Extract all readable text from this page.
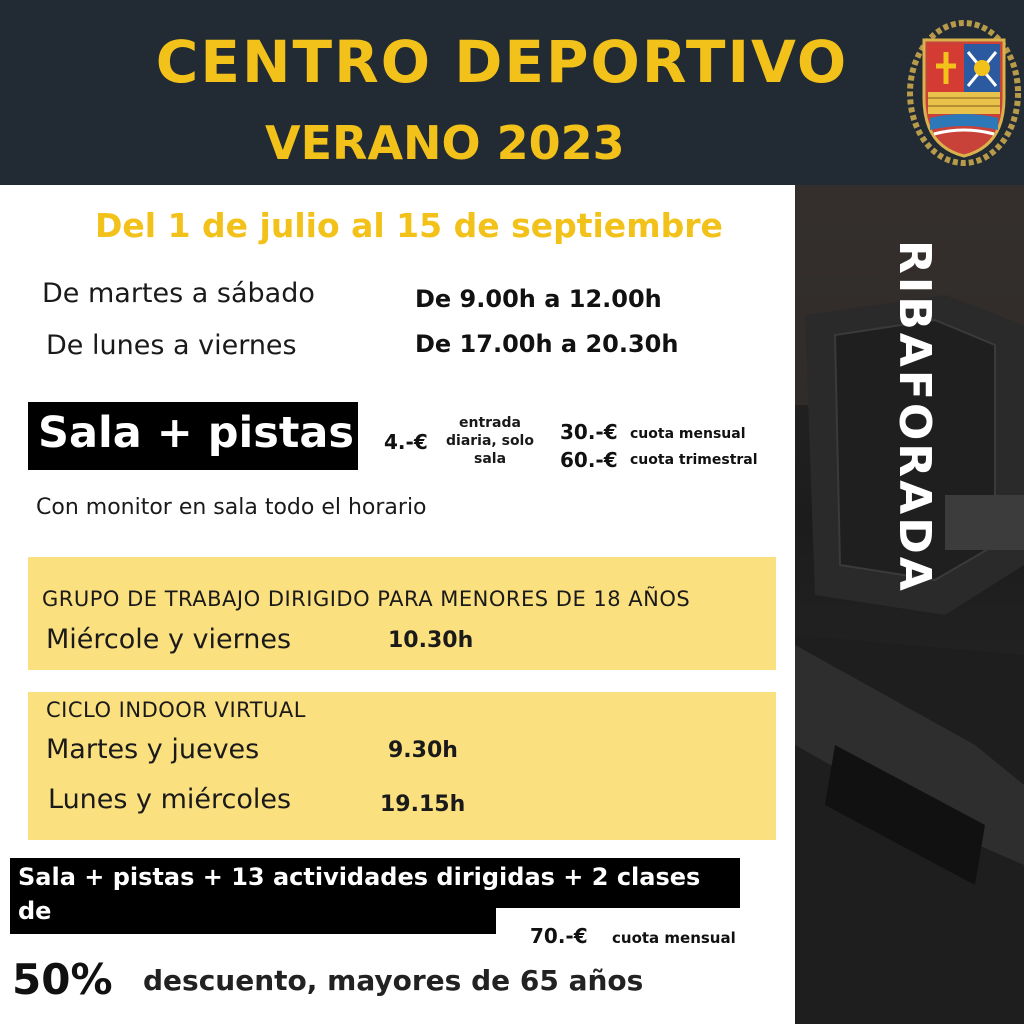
CENTRO DEPORTIVO
VERANO 2023
RIBAFORADA
Del 1 de julio al 15 de septiembre
De martes a sábado	De 9.00h a 12.00h
De lunes a viernes	De 17.00h a 20.30h
Sala + pistas 4.-€
entrada
diaria, solo
sala
30.-€ cuota mensual
60.-€ cuota trimestral
Con monitor en sala todo el horario
GRUPO DE TRABAJO DIRIGIDO PARA MENORES DE 18 AÑOS
Miércole y viernes	10.30h
CICLO INDOOR VIRTUAL
Martes y jueves	9.30h
Lunes y miércoles	19.15h
Sala + pistas + 13 actividades dirigidas + 2 clases de
entrenamiento personal a la semana 70.-€ cuota mensual
50% descuento, mayores de 65 años
